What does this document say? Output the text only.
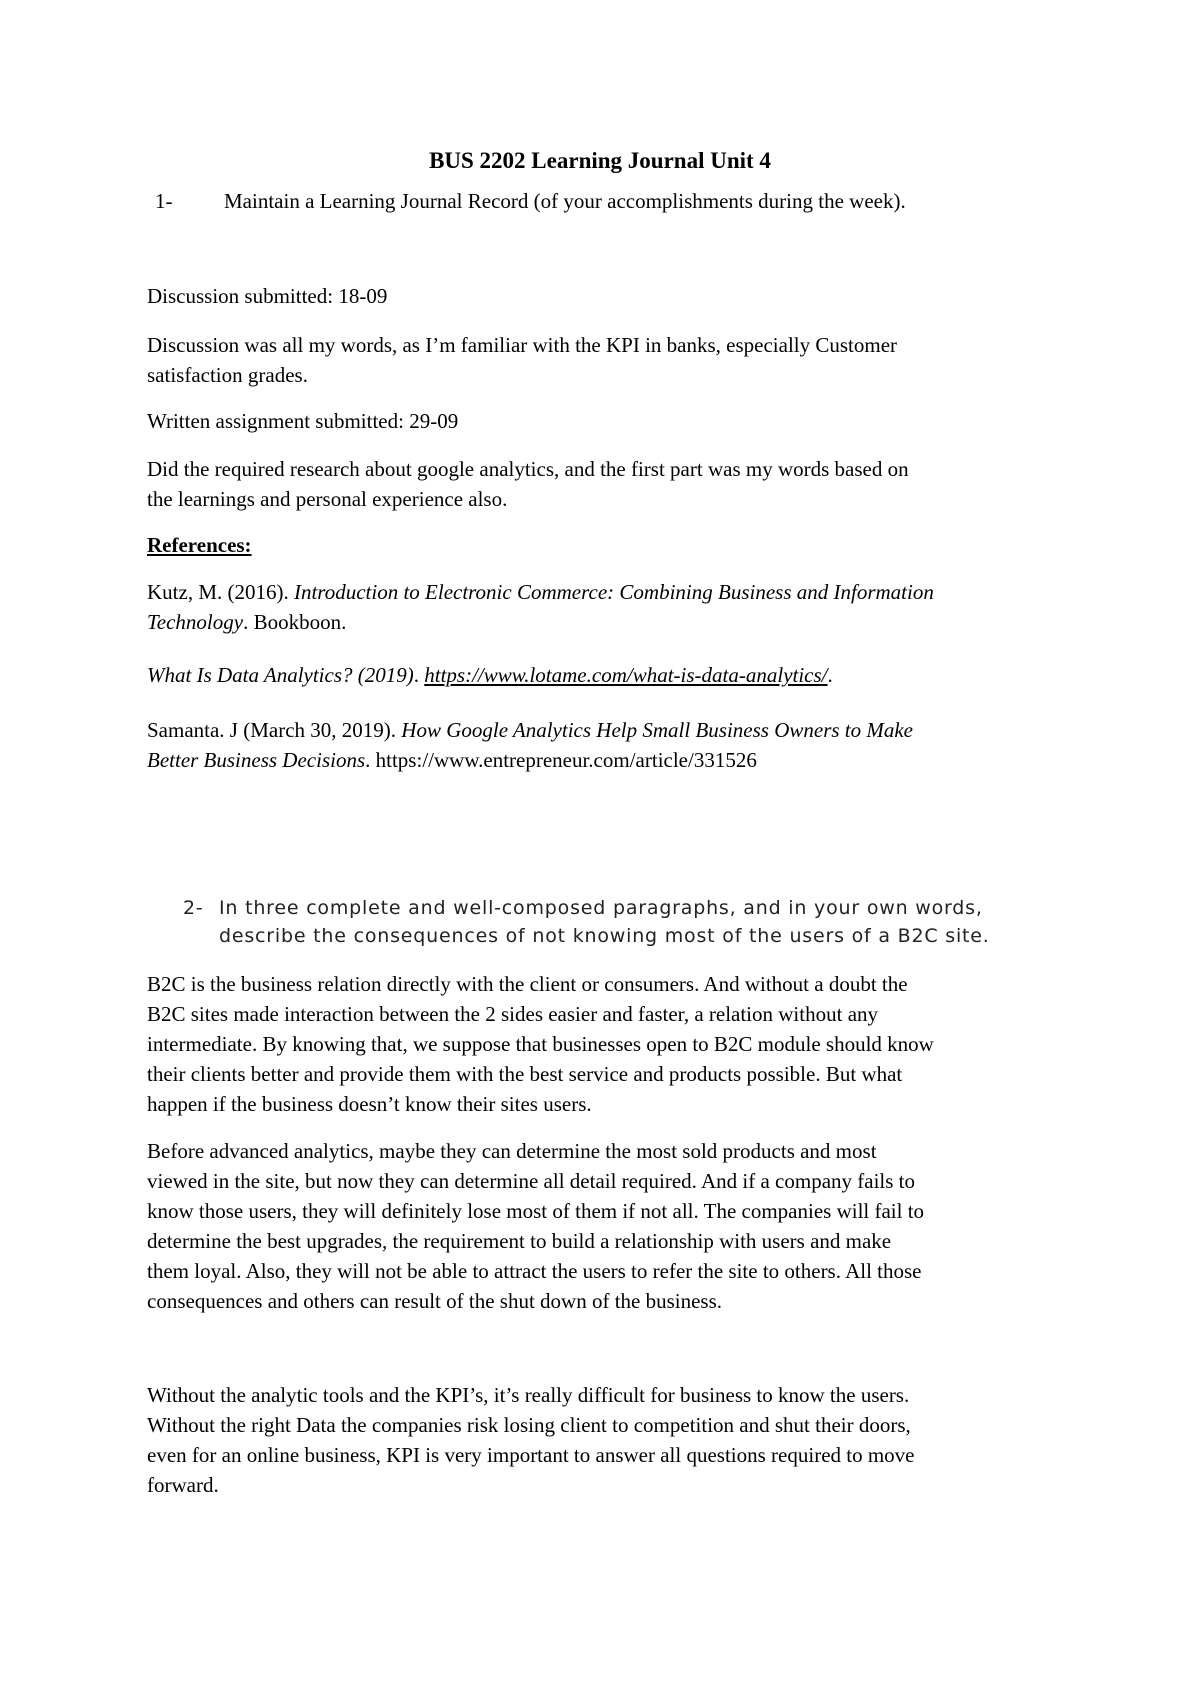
BUS 2202 Learning Journal Unit 4
1- Maintain a Learning Journal Record (of your accomplishments during the week).
Discussion submitted: 18-09
Discussion was all my words, as I’m familiar with the KPI in banks, especially Customer
satisfaction grades.
Written assignment submitted: 29-09
Did the required research about google analytics, and the first part was my words based on
the learnings and personal experience also.
References:
Kutz, M. (2016). Introduction to Electronic Commerce: Combining Business and Information
Technology. Bookboon.
What Is Data Analytics? (2019). https://www.lotame.com/what-is-data-analytics/.
Samanta. J (March 30, 2019). How Google Analytics Help Small Business Owners to Make
Better Business Decisions. https://www.entrepreneur.com/article/331526
2- In three complete and well-composed paragraphs, and in your own words,
describe the consequences of not knowing most of the users of a B2C site.
B2C is the business relation directly with the client or consumers. And without a doubt the
B2C sites made interaction between the 2 sides easier and faster, a relation without any
intermediate. By knowing that, we suppose that businesses open to B2C module should know
their clients better and provide them with the best service and products possible. But what
happen if the business doesn’t know their sites users.
Before advanced analytics, maybe they can determine the most sold products and most
viewed in the site, but now they can determine all detail required. And if a company fails to
know those users, they will definitely lose most of them if not all. The companies will fail to
determine the best upgrades, the requirement to build a relationship with users and make
them loyal. Also, they will not be able to attract the users to refer the site to others. All those
consequences and others can result of the shut down of the business.
Without the analytic tools and the KPI’s, it’s really difficult for business to know the users.
Without the right Data the companies risk losing client to competition and shut their doors,
even for an online business, KPI is very important to answer all questions required to move
forward.
